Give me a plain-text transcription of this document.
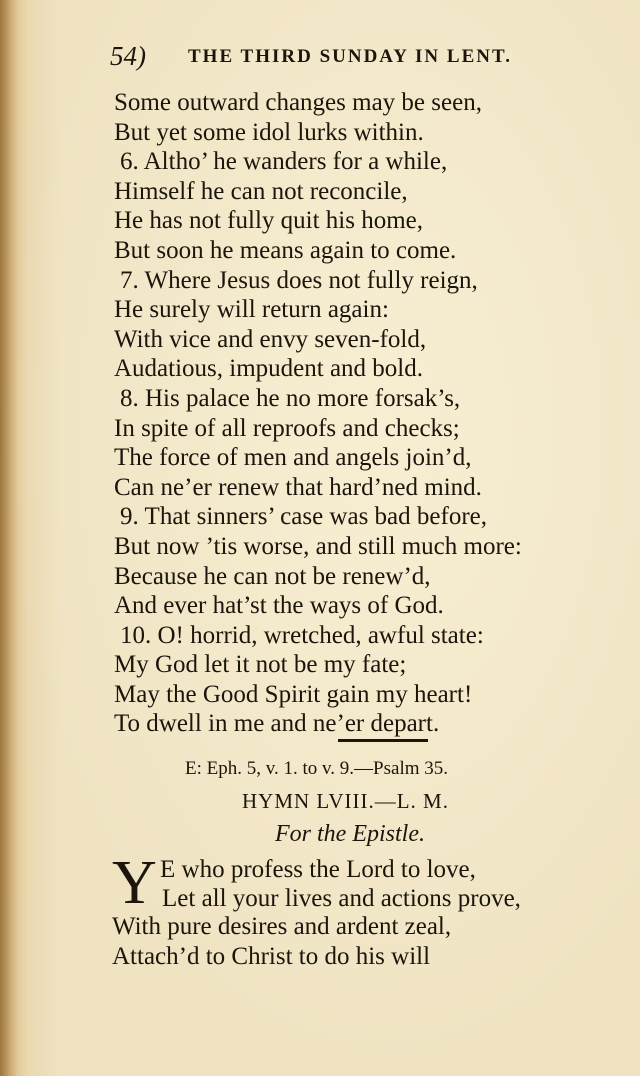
54) THE THIRD SUNDAY IN LENT.
Some outward changes may be seen,
But yet some idol lurks within.
6. Altho’ he wanders for a while,
Himself he can not reconcile,
He has not fully quit his home,
But soon he means again to come.
7. Where Jesus does not fully reign,
He surely will return again:
With vice and envy seven-fold,
Audatious, impudent and bold.
8. His palace he no more forsak’s,
In spite of all reproofs and checks;
The force of men and angels join’d,
Can ne’er renew that hard’ned mind.
9. That sinners’ case was bad before,
But now ’tis worse, and still much more:
Because he can not be renew’d,
And ever hat’st the ways of God.
10. O! horrid, wretched, awful state:
My God let it not be my fate;
May the Good Spirit gain my heart!
To dwell in me and ne’er depart.
E: Eph. 5, v. 1. to v. 9.—Psalm 35.
HYMN LVIII.—L. M.
For the Epistle.
Y E who profess the Lord to love,
Let all your lives and actions prove,
With pure desires and ardent zeal,
Attach’d to Christ to do his will
